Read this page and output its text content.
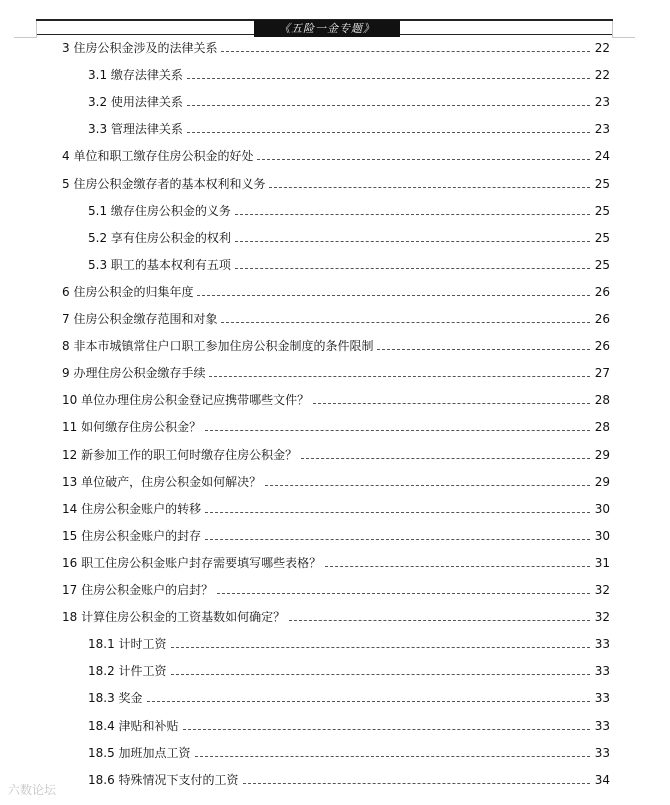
《五险一金专题》
3 住房公积金涉及的法律关系	22
3.1 缴存法律关系	22
3.2 使用法律关系	23
3.3 管理法律关系	23
4 单位和职工缴存住房公积金的好处	24
5 住房公积金缴存者的基本权利和义务	25
5.1 缴存住房公积金的义务	25
5.2 享有住房公积金的权利	25
5.3 职工的基本权利有五项	25
6 住房公积金的归集年度	26
7 住房公积金缴存范围和对象	26
8 非本市城镇常住户口职工参加住房公积金制度的条件限制	26
9 办理住房公积金缴存手续	27
10 单位办理住房公积金登记应携带哪些文件？	28
11 如何缴存住房公积金？	28
12 新参加工作的职工何时缴存住房公积金？	29
13 单位破产，住房公积金如何解决？	29
14 住房公积金账户的转移	30
15 住房公积金账户的封存	30
16 职工住房公积金账户封存需要填写哪些表格？	31
17 住房公积金账户的启封？	32
18 计算住房公积金的工资基数如何确定？	32
18.1 计时工资	33
18.2 计件工资	33
18.3 奖金	33
18.4 津贴和补贴	33
18.5 加班加点工资	33
18.6 特殊情况下支付的工资	34
六数论坛
